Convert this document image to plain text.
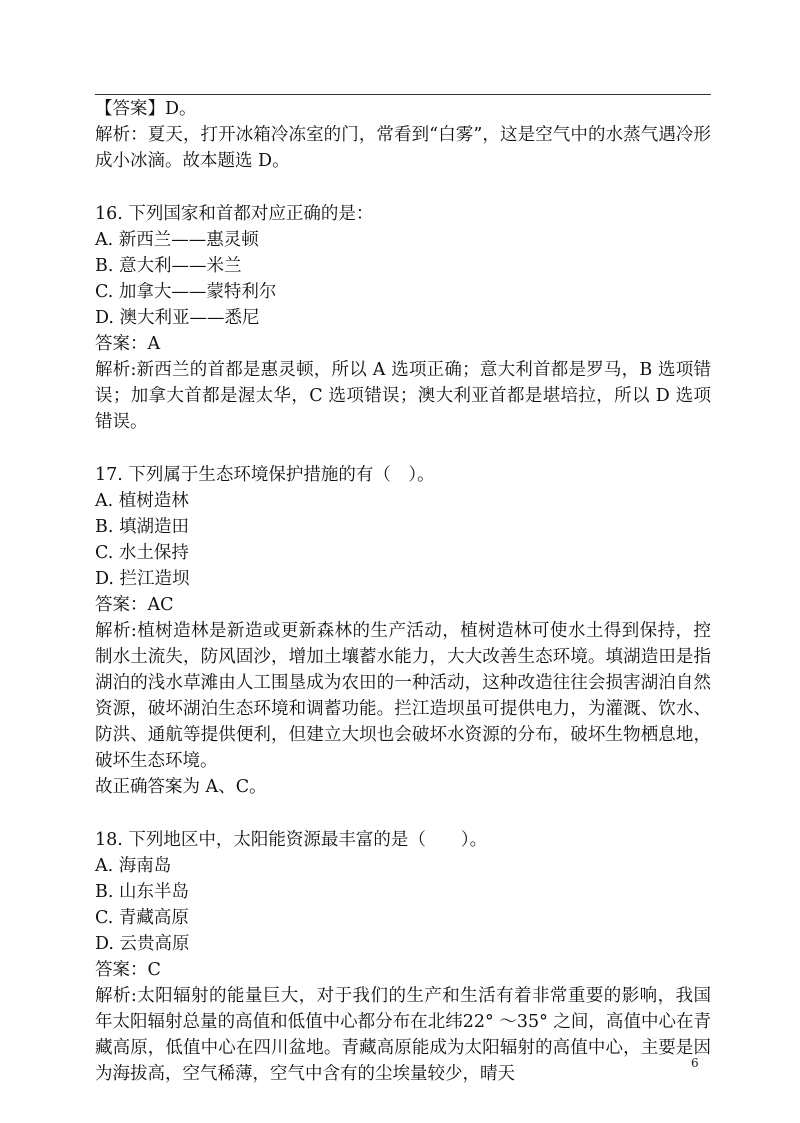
【答案】D。
解析：夏天，打开冰箱冷冻室的门，常看到“白雾”，这是空气中的水蒸气遇冷形成小冰滴。故本题选 D。
16. 下列国家和首都对应正确的是：
A. 新西兰——惠灵顿
B. 意大利——米兰
C. 加拿大——蒙特利尔
D. 澳大利亚——悉尼
答案：A
解析:新西兰的首都是惠灵顿，所以 A 选项正确；意大利首都是罗马，B 选项错误；加拿大首都是渥太华，C 选项错误；澳大利亚首都是堪培拉，所以 D 选项错误。
17. 下列属于生态环境保护措施的有（　）。
A. 植树造林
B. 填湖造田
C. 水土保持
D. 拦江造坝
答案：AC
解析:植树造林是新造或更新森林的生产活动，植树造林可使水土得到保持，控制水土流失，防风固沙，增加土壤蓄水能力，大大改善生态环境。填湖造田是指湖泊的浅水草滩由人工围垦成为农田的一种活动，这种改造往往会损害湖泊自然资源，破坏湖泊生态环境和调蓄功能。拦江造坝虽可提供电力，为灌溉、饮水、防洪、通航等提供便利，但建立大坝也会破坏水资源的分布，破坏生物栖息地，破坏生态环境。
故正确答案为 A、C。
18. 下列地区中，太阳能资源最丰富的是（　　）。
A. 海南岛
B. 山东半岛
C. 青藏高原
D. 云贵高原
答案：C
解析:太阳辐射的能量巨大，对于我们的生产和生活有着非常重要的影响，我国年太阳辐射总量的高值和低值中心都分布在北纬22° ～35° 之间，高值中心在青藏高原，低值中心在四川盆地。青藏高原能成为太阳辐射的高值中心，主要是因为海拔高，空气稀薄，空气中含有的尘埃量较少，晴天
6
